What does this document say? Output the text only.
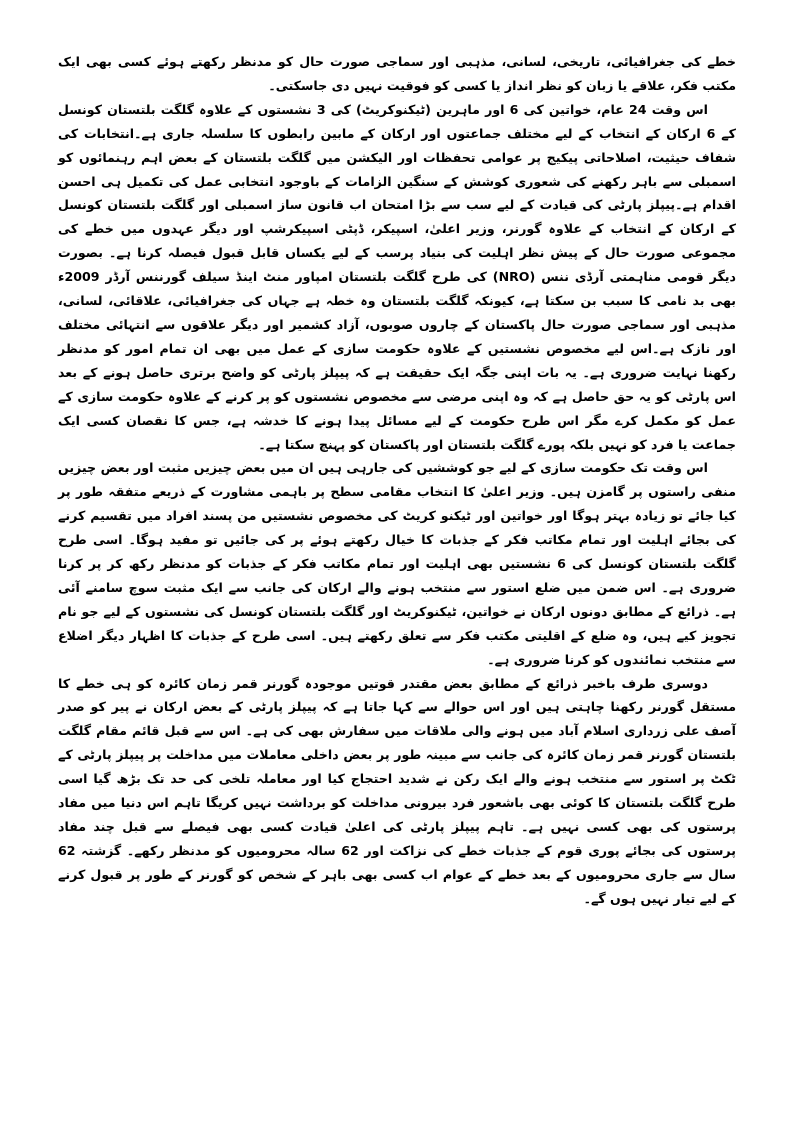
خطے کی جغرافیائی، تاریخی، لسانی، مذہبی اور سماجی صورت حال کو مدنظر رکھتے ہوئے کسی بھی ایک مکتب فکر، علاقے یا زبان کو نظر انداز یا کسی کو فوقیت نہیں دی جاسکتی۔

اس وقت 24 عام، خواتین کی 6 اور ماہرین (ٹیکنوکریٹ) کی 3 نشستوں کے علاوہ گلگت بلتستان کونسل کے 6 ارکان کے انتخاب کے لیے مختلف جماعتوں اور ارکان کے مابین رابطوں کا سلسلہ جاری ہے۔انتخابات کی شفاف حیثیت، اصلاحاتی پیکیج پر عوامی تحفظات اور الیکشن میں گلگت بلتستان کے بعض اہم رہنمائوں کو اسمبلی سے باہر رکھنے کی شعوری کوشش کے سنگین الزامات کے باوجود انتخابی عمل کی تکمیل ہی احسن اقدام ہے۔پیپلز پارٹی کی قیادت کے لیے سب سے بڑا امتحان اب قانون ساز اسمبلی اور گلگت بلتستان کونسل کے ارکان کے انتخاب کے علاوہ گورنر، وزیر اعلیٰ، اسپیکر، ڈپٹی اسپیکرشپ اور دیگر عہدوں میں خطے کی مجموعی صورت حال کے پیش نظر اہلیت کی بنیاد پرسب کے لیے یکساں قابل قبول فیصلہ کرنا ہے۔ بصورت دیگر قومی مناہمتی آرڈی ننس (NRO) کی طرح گلگت بلتستان امپاور منٹ اینڈ سیلف گورننس آرڈر 2009ء بھی بد نامی کا سبب بن سکتا ہے، کیونکہ گلگت بلتستان وہ خطہ ہے جہاں کی جغرافیائی، علاقائی، لسانی، مذہبی اور سماجی صورت حال پاکستان کے چاروں صوبوں، آزاد کشمیر اور دیگر علاقوں سے انتہائی مختلف اور نازک ہے۔اس لیے مخصوص نشستیں کے علاوہ حکومت سازی کے عمل میں بھی ان تمام امور کو مدنظر رکھنا نہایت ضروری ہے۔ یہ بات اپنی جگہ ایک حقیقت ہے کہ پیپلز پارٹی کو واضح برتری حاصل ہونے کے بعد اس پارٹی کو یہ حق حاصل ہے کہ وہ اپنی مرضی سے مخصوص نشستوں کو پر کرنے کے علاوہ حکومت سازی کے عمل کو مکمل کرے مگر اس طرح حکومت کے لیے مسائل پیدا ہونے کا خدشہ ہے، جس کا نقصان کسی ایک جماعت یا فرد کو نہیں بلکہ پورے گلگت بلتستان اور پاکستان کو پہنچ سکتا ہے۔

اس وقت تک حکومت سازی کے لیے جو کوششیں کی جارہی ہیں ان میں بعض چیزیں مثبت اور بعض چیزیں منفی راستوں پر گامزن ہیں۔ وزیر اعلیٰ کا انتخاب مقامی سطح پر باہمی مشاورت کے ذریعے متفقہ طور پر کیا جائے تو زیادہ بہتر ہوگا اور خواتین اور ٹیکنو کریٹ کی مخصوص نشستیں من پسند افراد میں تقسیم کرنے کی بجائے اہلیت اور تمام مکاتب فکر کے جذبات کا خیال رکھتے ہوئے پر کی جائیں تو مفید ہوگا۔ اسی طرح گلگت بلتستان کونسل کی 6 نشستیں بھی اہلیت اور تمام مکاتب فکر کے جذبات کو مدنظر رکھ کر پر کرنا ضروری ہے۔ اس ضمن میں ضلع استور سے منتخب ہونے والے ارکان کی جانب سے ایک مثبت سوچ سامنے آئی ہے۔ ذرائع کے مطابق دونوں ارکان نے خواتین، ٹیکنوکریٹ اور گلگت بلتستان کونسل کی نشستوں کے لیے جو نام تجویز کیے ہیں، وہ ضلع کے اقلیتی مکتب فکر سے تعلق رکھتے ہیں۔ اسی طرح کے جذبات کا اظہار دیگر اضلاع سے منتخب نمائندوں کو کرنا ضروری ہے۔

دوسری طرف باخبر ذرائع کے مطابق بعض مقتدر قوتیں موجودہ گورنر قمر زمان کائرہ کو ہی خطے کا مستقل گورنر رکھنا چاہتی ہیں اور اس حوالے سے کہا جاتا ہے کہ پیپلز پارٹی کے بعض ارکان نے پیر کو صدر آصف علی زرداری اسلام آباد میں ہونے والی ملاقات میں سفارش بھی کی ہے۔ اس سے قبل قائم مقام گلگت بلتستان گورنر قمر زمان کائرہ کی جانب سے مبینہ طور پر بعض داخلی معاملات میں مداخلت پر پیپلز پارٹی کے ٹکٹ پر استور سے منتخب ہونے والے ایک رکن نے شدید احتجاج کیا اور معاملہ تلخی کی حد تک بڑھ گیا اسی طرح گلگت بلتستان کا کوئی بھی باشعور فرد بیرونی مداخلت کو برداشت نہیں کریگا تاہم اس دنیا میں مفاد پرستوں کی بھی کسی نہیں ہے۔ تاہم پیپلز پارٹی کی اعلیٰ قیادت کسی بھی فیصلے سے قبل چند مفاد پرستوں کی بجائے پوری قوم کے جذبات خطے کی نزاکت اور 62 سالہ محرومیوں کو مدنظر رکھے۔ گزشتہ 62 سال سے جاری محرومیوں کے بعد خطے کے عوام اب کسی بھی باہر کے شخص کو گورنر کے طور پر قبول کرنے کے لیے تیار نہیں ہوں گے۔
